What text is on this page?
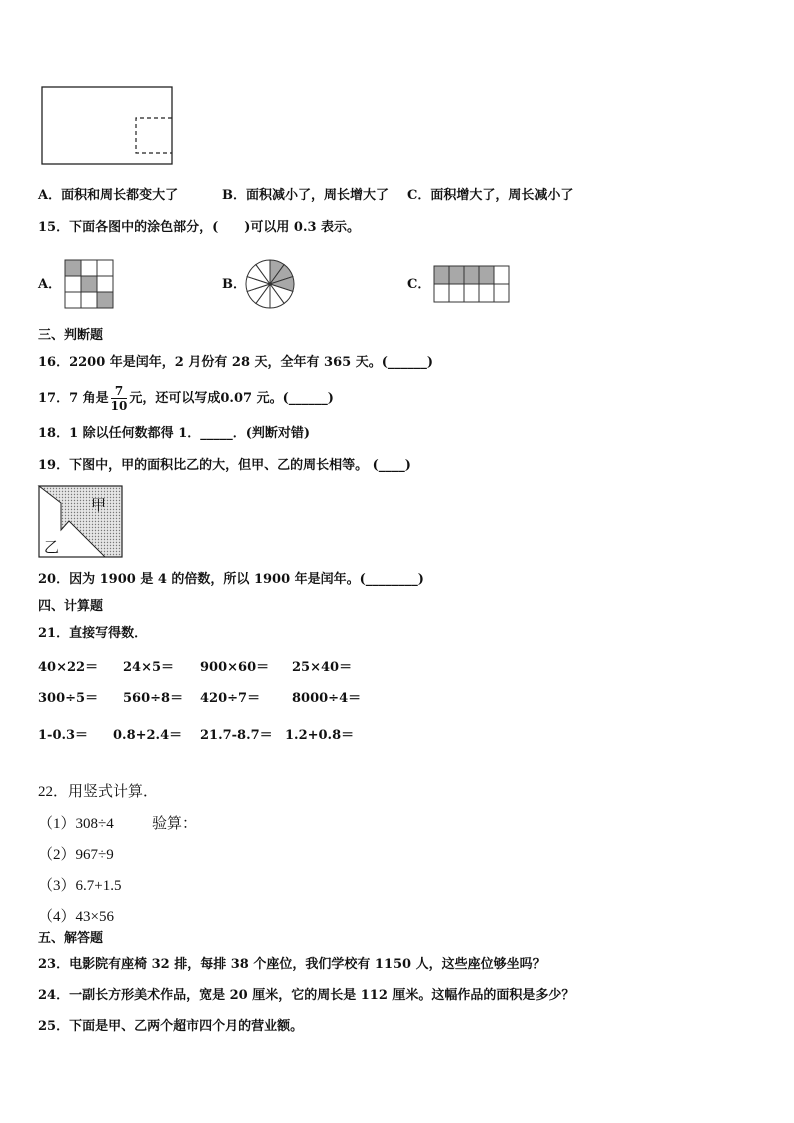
A．面积和周长都变大了	B．面积减小了，周长增大了 C．面积增大了，周长减小了
15．下面各图中的涂色部分，(　　)可以用 0.3 表示。
A．	B．	C．
三、判断题
16．2200 年是闰年，2 月份有 28 天，全年有 365 天。(______)
17．7 角是 $\frac{7}{10}$ 元，还可以写成0.07 元。(______)
18．1 除以任何数都得 1．_____．(判断对错)
19．下图中，甲的面积比乙的大，但甲、乙的周长相等。 (____)
甲
乙
20．因为 1900 是 4 的倍数，所以 1900 年是闰年。(________)
四、计算题
21．直接写得数．
40×22＝ 24×5＝ 900×60＝ 25×40＝
300÷5＝ 560÷8＝ 420÷7＝ 8000÷4＝
1-0.3＝ 0.8+2.4＝ 21.7-8.7＝ 1.2+0.8＝
22．用竖式计算．
（1）308÷4	验算：
（2）967÷9
（3）6.7+1.5
（4）43×56
五、解答题
23．电影院有座椅 32 排，每排 38 个座位，我们学校有 1150 人，这些座位够坐吗？
24．一副长方形美术作品，宽是 20 厘米，它的周长是 112 厘米。这幅作品的面积是多少？
25．下面是甲、乙两个超市四个月的营业额。
